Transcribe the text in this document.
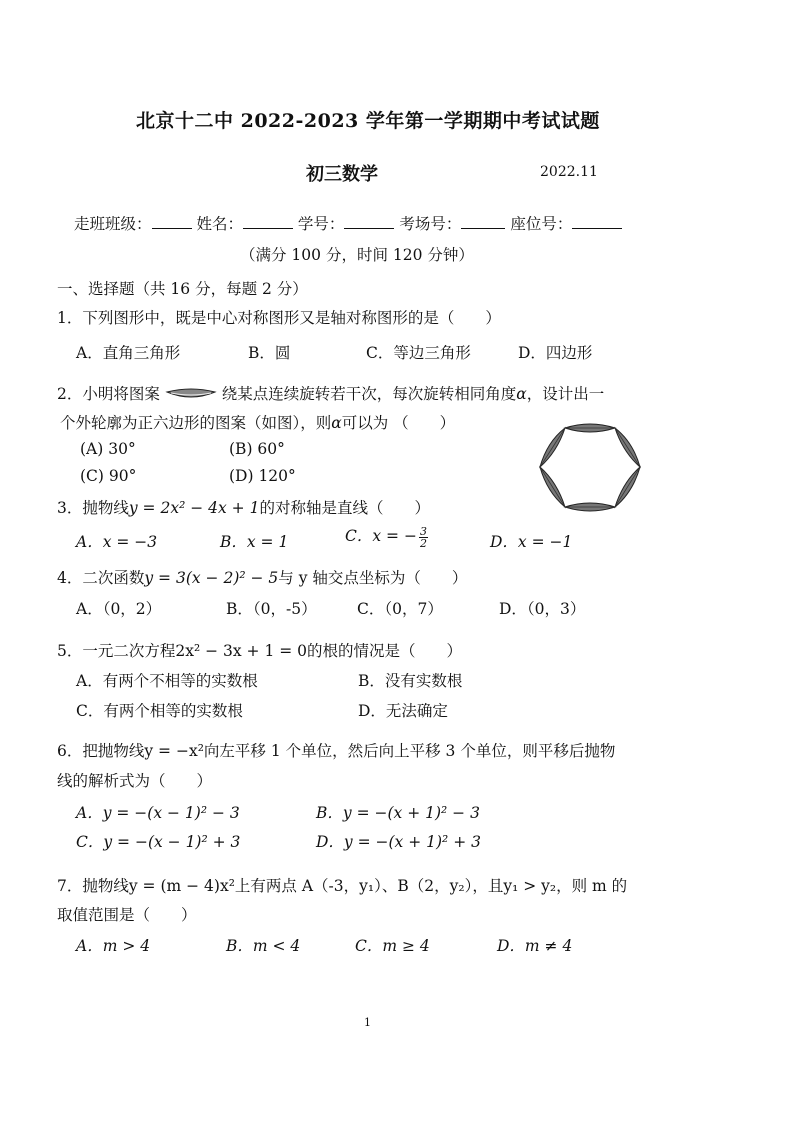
北京十二中 2022-2023 学年第一学期期中考试试题
初三数学	2022.11
走班班级：	姓名：	学号：	考场号：	座位号：
（满分 100 分，时间 120 分钟）
一、选择题（共 16 分，每题 2 分）
1．下列图形中，既是中心对称图形又是轴对称图形的是（　　）
A．直角三角形	B．圆	C．等边三角形	D．四边形
2．小明将图案	绕某点连续旋转若干次，每次旋转相同角度α，设计出一
个外轮廓为正六边形的图案（如图），则α可以为 （　　）
(A) 30°	(B) 60°
(C) 90°	(D) 120°
3．抛物线y = 2x² − 4x + 1的对称轴是直线（　　）
A．x = −3	B．x = 1	C．x = − $\frac{3}{2}$	D．x = −1
4．二次函数y = 3(x − 2)² − 5与 y 轴交点坐标为（　　）
A．（0，2）	B．（0，-5）	C．（0，7）	D．（0，3）
5．一元二次方程2x² − 3x + 1 = 0的根的情况是（　　）
A．有两个不相等的实数根	B．没有实数根
C．有两个相等的实数根	D．无法确定
6．把抛物线y = −x²向左平移 1 个单位，然后向上平移 3 个单位，则平移后抛物
线的解析式为（　　）
A．y = −(x − 1)² − 3	B．y = −(x + 1)² − 3
C．y = −(x − 1)² + 3	D．y = −(x + 1)² + 3
7．抛物线y = (m − 4)x²上有两点 A（-3，y₁）、B（2，y₂），且y₁ > y₂，则 m 的
取值范围是（　　）
A．m > 4	B．m < 4	C．m ≥ 4	D．m ≠ 4
1
